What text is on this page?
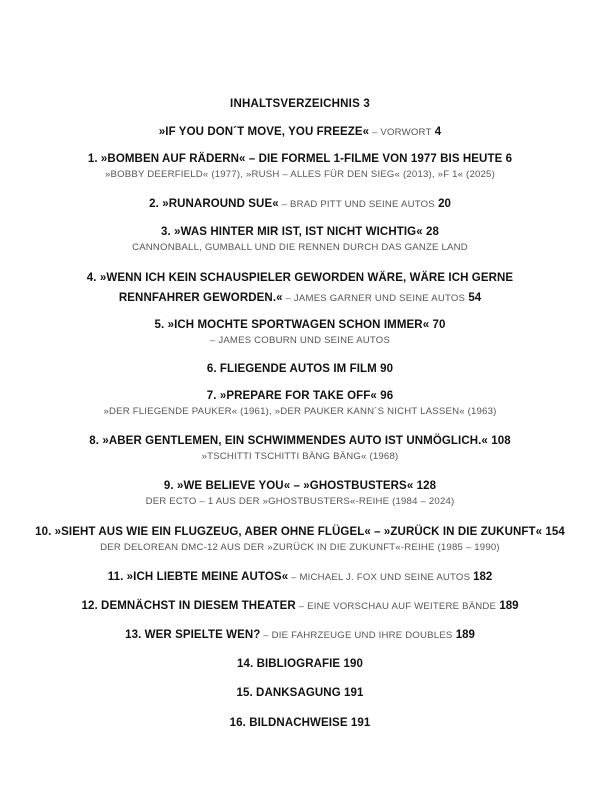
INHALTSVERZEICHNIS 3
»IF YOU DON´T MOVE, YOU FREEZE« – VORWORT 4
1. »BOMBEN AUF RÄDERN« – DIE FORMEL 1-FILME VON 1977 BIS HEUTE 6
»BOBBY DEERFIELD« (1977), »RUSH – ALLES FÜR DEN SIEG« (2013), »F 1« (2025)
2. »RUNAROUND SUE« – BRAD PITT UND SEINE AUTOS 20
3. »WAS HINTER MIR IST, IST NICHT WICHTIG« 28
CANNONBALL, GUMBALL UND DIE RENNEN DURCH DAS GANZE LAND
4. »WENN ICH KEIN SCHAUSPIELER GEWORDEN WÄRE, WÄRE ICH GERNE
RENNFAHRER GEWORDEN.« – JAMES GARNER UND SEINE AUTOS 54
5. »ICH MOCHTE SPORTWAGEN SCHON IMMER« 70
– JAMES COBURN UND SEINE AUTOS
6. FLIEGENDE AUTOS IM FILM 90
7. »PREPARE FOR TAKE OFF« 96
»DER FLIEGENDE PAUKER« (1961), »DER PAUKER KANN´S NICHT LASSEN« (1963)
8. »ABER GENTLEMEN, EIN SCHWIMMENDES AUTO IST UNMÖGLICH.« 108
»TSCHITTI TSCHITTI BÄNG BÄNG« (1968)
9. »WE BELIEVE YOU« – »GHOSTBUSTERS« 128
DER ECTO – 1 AUS DER »GHOSTBUSTERS«-REIHE (1984 – 2024)
10. »SIEHT AUS WIE EIN FLUGZEUG, ABER OHNE FLÜGEL« – »ZURÜCK IN DIE ZUKUNFT« 154
DER DELOREAN DMC-12 AUS DER »ZURÜCK IN DIE ZUKUNFT«-REIHE (1985 – 1990)
11. »ICH LIEBTE MEINE AUTOS« – MICHAEL J. FOX UND SEINE AUTOS 182
12. DEMNÄCHST IN DIESEM THEATER – EINE VORSCHAU AUF WEITERE BÄNDE 189
13. WER SPIELTE WEN? – DIE FAHRZEUGE UND IHRE DOUBLES 189
14. BIBLIOGRAFIE 190
15. DANKSAGUNG 191
16. BILDNACHWEISE 191
